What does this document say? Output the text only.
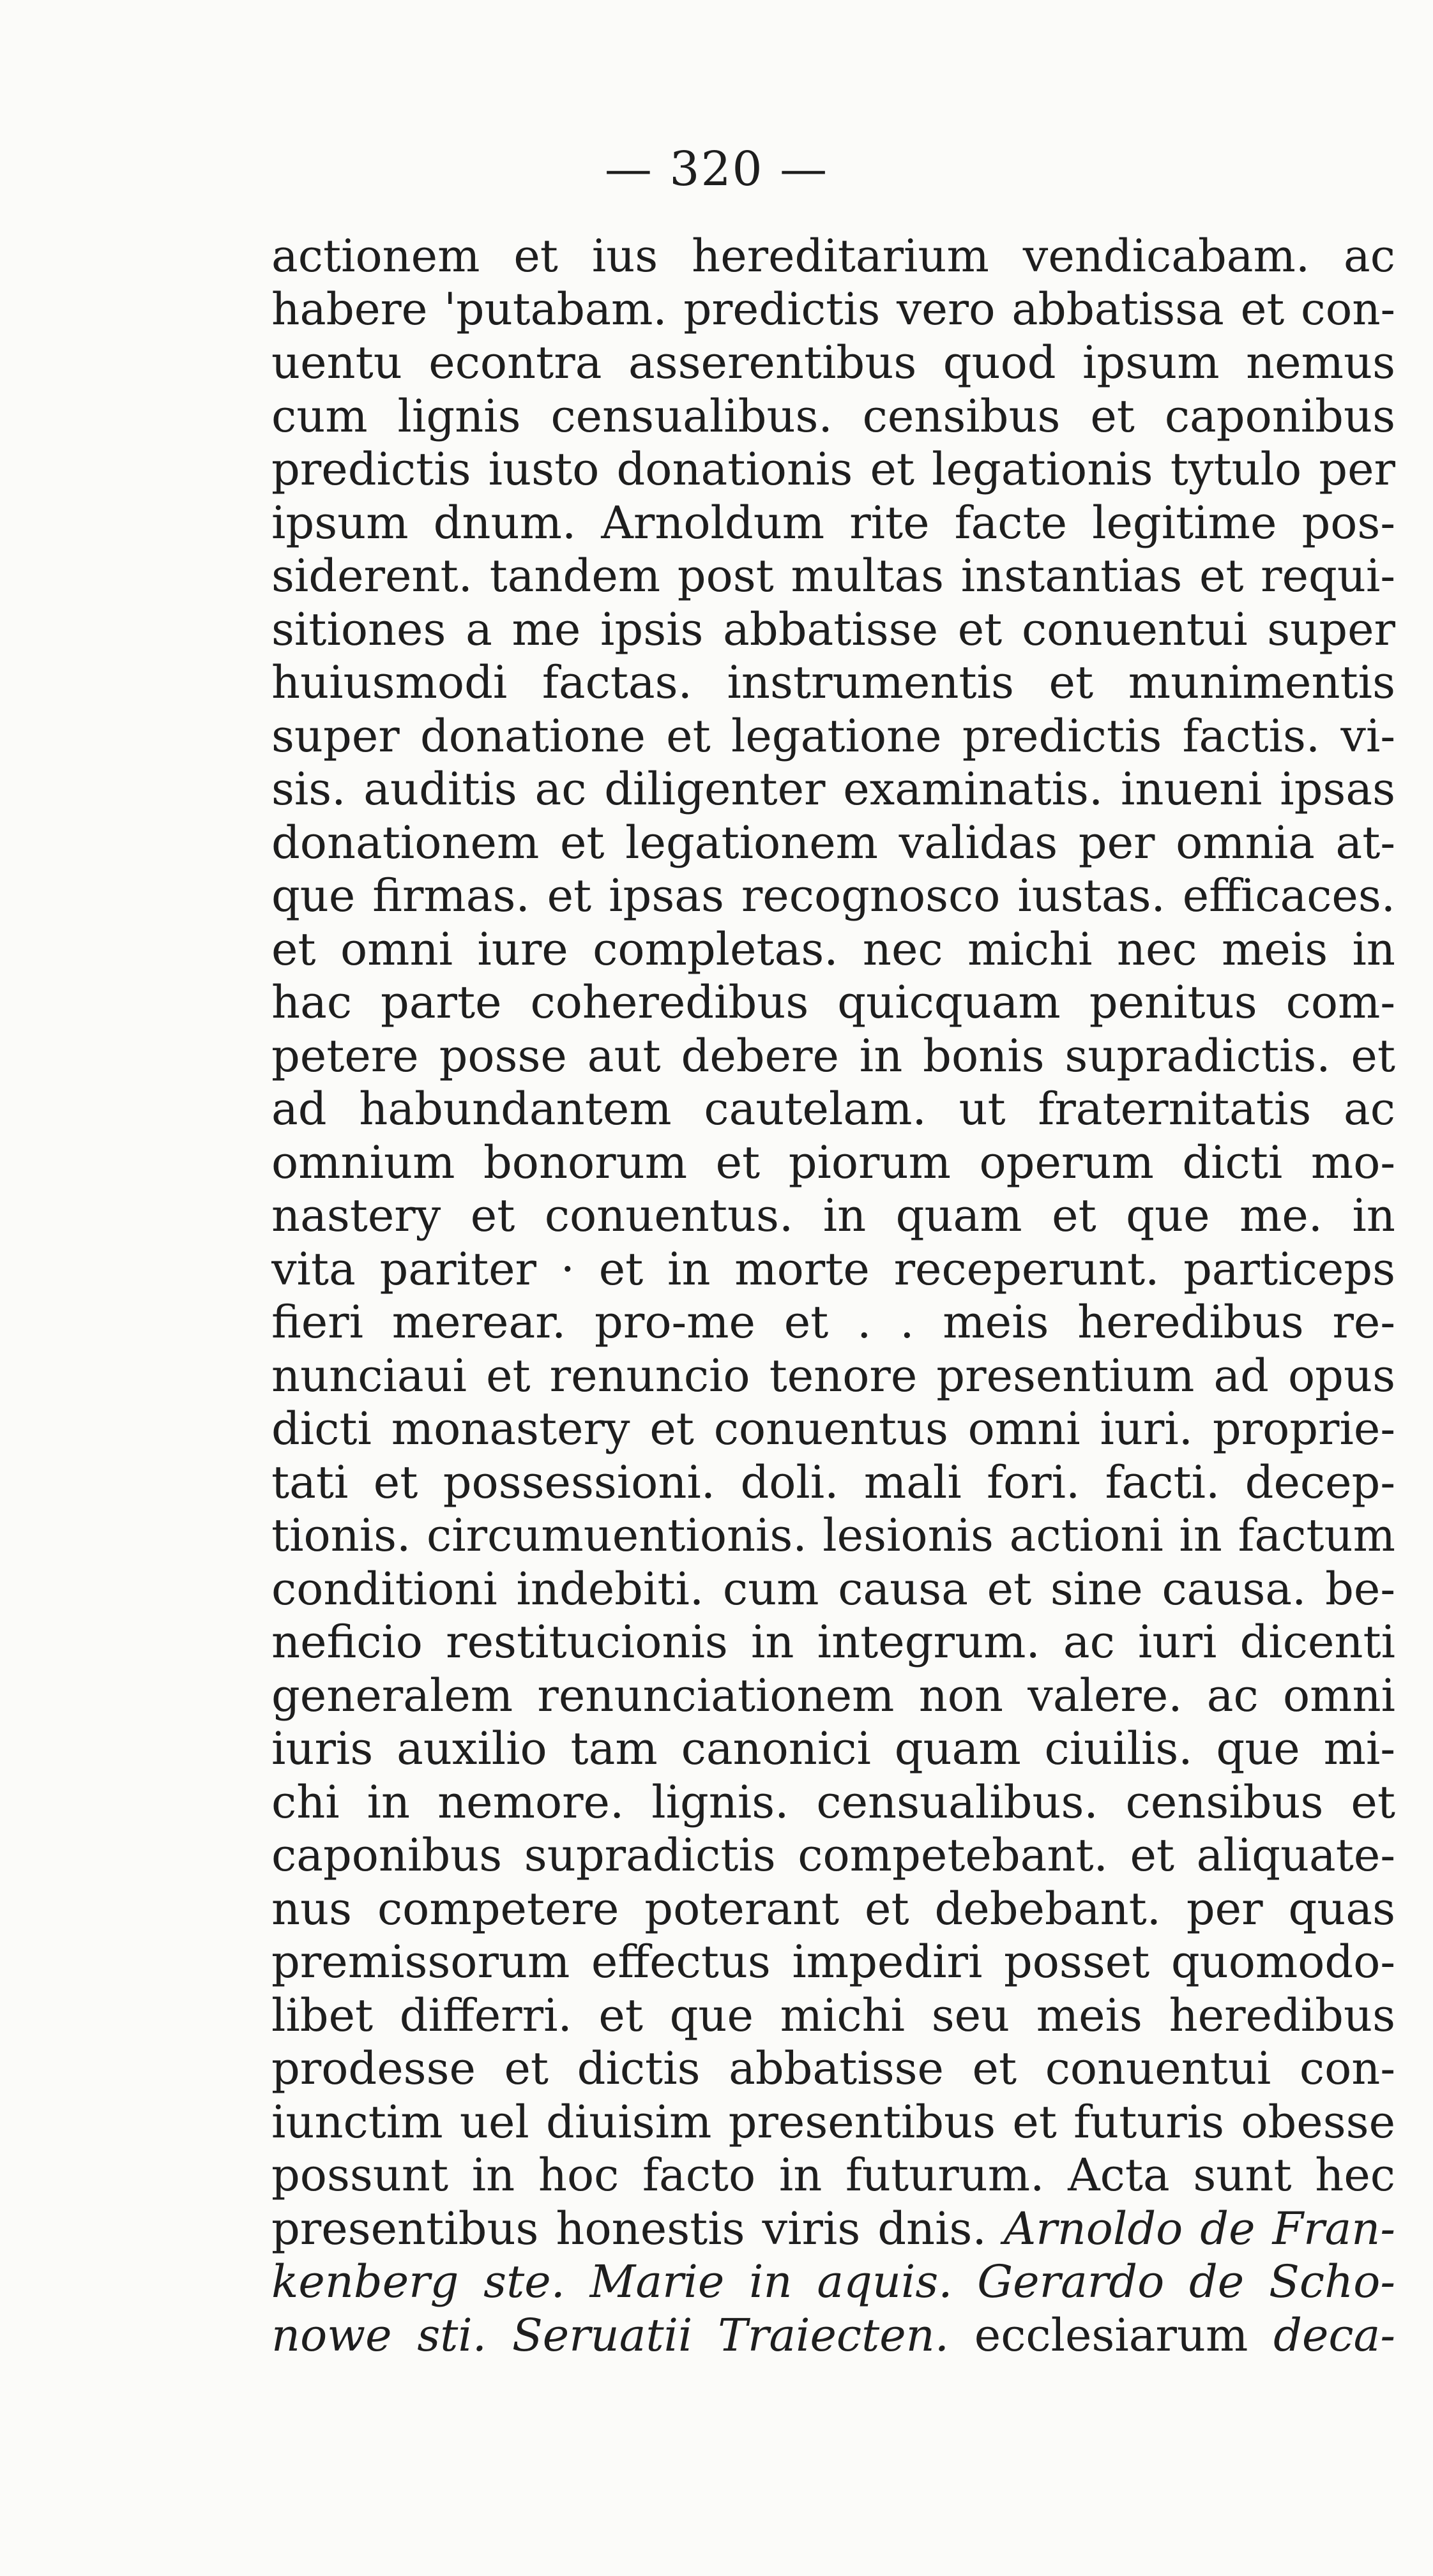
— 320 —
actionem et ius hereditarium vendicabam. ac
habere 'putabam. predictis vero abbatissa et con-
uentu econtra asserentibus quod ipsum nemus
cum lignis censualibus. censibus et caponibus
predictis iusto donationis et legationis tytulo per
ipsum dnum. Arnoldum rite facte legitime pos-
siderent. tandem post multas instantias et requi-
sitiones a me ipsis abbatisse et conuentui super
huiusmodi factas. instrumentis et munimentis
super donatione et legatione predictis factis. vi-
sis. auditis ac diligenter examinatis. inueni ipsas
donationem et legationem validas per omnia at-
que firmas. et ipsas recognosco iustas. efficaces.
et omni iure completas. nec michi nec meis in
hac parte coheredibus quicquam penitus com-
petere posse aut debere in bonis supradictis. et
ad habundantem cautelam. ut fraternitatis ac
omnium bonorum et piorum operum dicti mo-
nastery et conuentus. in quam et que me. in
vita pariter · et in morte receperunt. particeps
fieri merear. pro-me et . . meis heredibus re-
nunciaui et renuncio tenore presentium ad opus
dicti monastery et conuentus omni iuri. proprie-
tati et possessioni. doli. mali fori. facti. decep-
tionis. circumuentionis. lesionis actioni in factum
conditioni indebiti. cum causa et sine causa. be-
neficio restitucionis in integrum. ac iuri dicenti
generalem renunciationem non valere. ac omni
iuris auxilio tam canonici quam ciuilis. que mi-
chi in nemore. lignis. censualibus. censibus et
caponibus supradictis competebant. et aliquate-
nus competere poterant et debebant. per quas
premissorum effectus impediri posset quomodo-
libet differri. et que michi seu meis heredibus
prodesse et dictis abbatisse et conuentui con-
iunctim uel diuisim presentibus et futuris obesse
possunt in hoc facto in futurum. Acta sunt hec
presentibus honestis viris dnis. Arnoldo de Fran-
kenberg ste. Marie in aquis. Gerardo de Scho-
nowe sti. Seruatii Traiecten. ecclesiarum deca-
